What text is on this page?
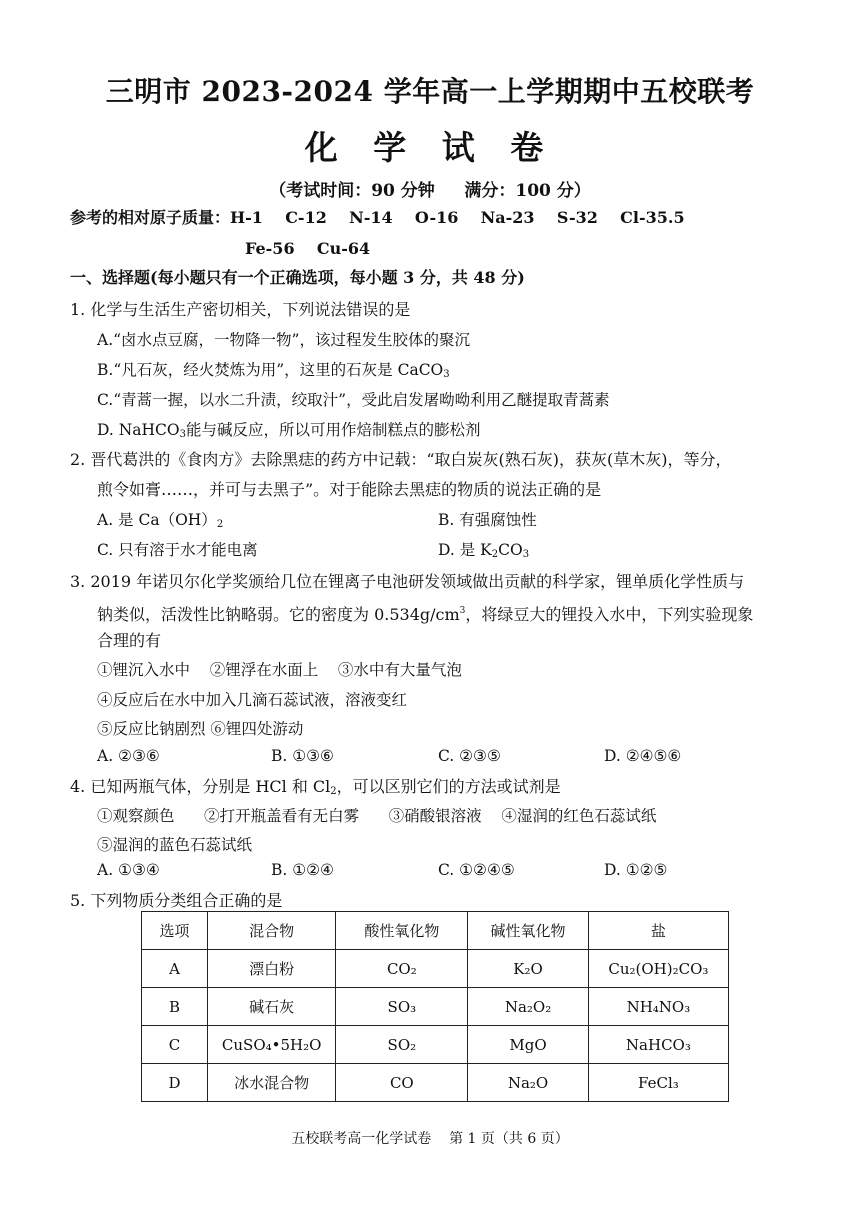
三明市 2023-2024 学年高一上学期期中五校联考
化 学 试 卷
（考试时间：90 分钟     满分：100 分）
参考的相对原子质量：H-1 C-12 N-14 O-16 Na-23 S-32 Cl-35.5
Fe-56 Cu-64
一、选择题(每小题只有一个正确选项，每小题 3 分，共 48 分)
1. 化学与生活生产密切相关，下列说法错误的是
A.“卤水点豆腐，一物降一物”，该过程发生胶体的聚沉
B.“凡石灰，经火焚炼为用”，这里的石灰是 CaCO$_3$
C.“青蒿一握，以水二升渍，绞取汁”，受此启发屠呦呦利用乙醚提取青蒿素
D. NaHCO$_3$能与碱反应，所以可用作焙制糕点的膨松剂
2. 晋代葛洪的《食肉方》去除黑痣的药方中记载：“取白炭灰(熟石灰)，获灰(草木灰)，等分，
煎令如膏……，并可与去黑子”。对于能除去黑痣的物质的说法正确的是
A. 是 $Ca(OH)_2$	B. 有强腐蚀性
C. 只有溶于水才能电离	D. 是 $K_2CO_3$
3. 2019 年诺贝尔化学奖颁给几位在锂离子电池研发领域做出贡献的科学家，锂单质化学性质与
钠类似，活泼性比钠略弱。它的密度为 $0.534g/cm^3$，将绿豆大的锂投入水中，下列实验现象
合理的有
①锂沉入水中    ②锂浮在水面上    ③水中有大量气泡
④反应后在水中加入几滴石蕊试液，溶液变红
⑤反应比钠剧烈 ⑥锂四处游动
A. ②③⑥	B. ①③⑥	C. ②③⑤	D. ②④⑤⑥
4. 已知两瓶气体，分别是 HCl 和 $Cl_2$，可以区别它们的方法或试剂是
①观察颜色      ②打开瓶盖看有无白雾      ③硝酸银溶液    ④湿润的红色石蕊试纸
⑤湿润的蓝色石蕊试纸
A. ①③④	B. ①②④	C. ①②④⑤	D. ①②⑤
5. 下列物质分类组合正确的是
选项	混合物	酸性氧化物	碱性氧化物	盐
A	漂白粉	CO₂	K₂O	Cu₂(OH)₂CO₃
B	碱石灰	SO₃	Na₂O₂	NH₄NO₃
C	CuSO₄•5H₂O	SO₂	MgO	NaHCO₃
D	冰水混合物	CO	Na₂O	FeCl₃
五校联考高一化学试卷    第 1 页（共 6 页）
